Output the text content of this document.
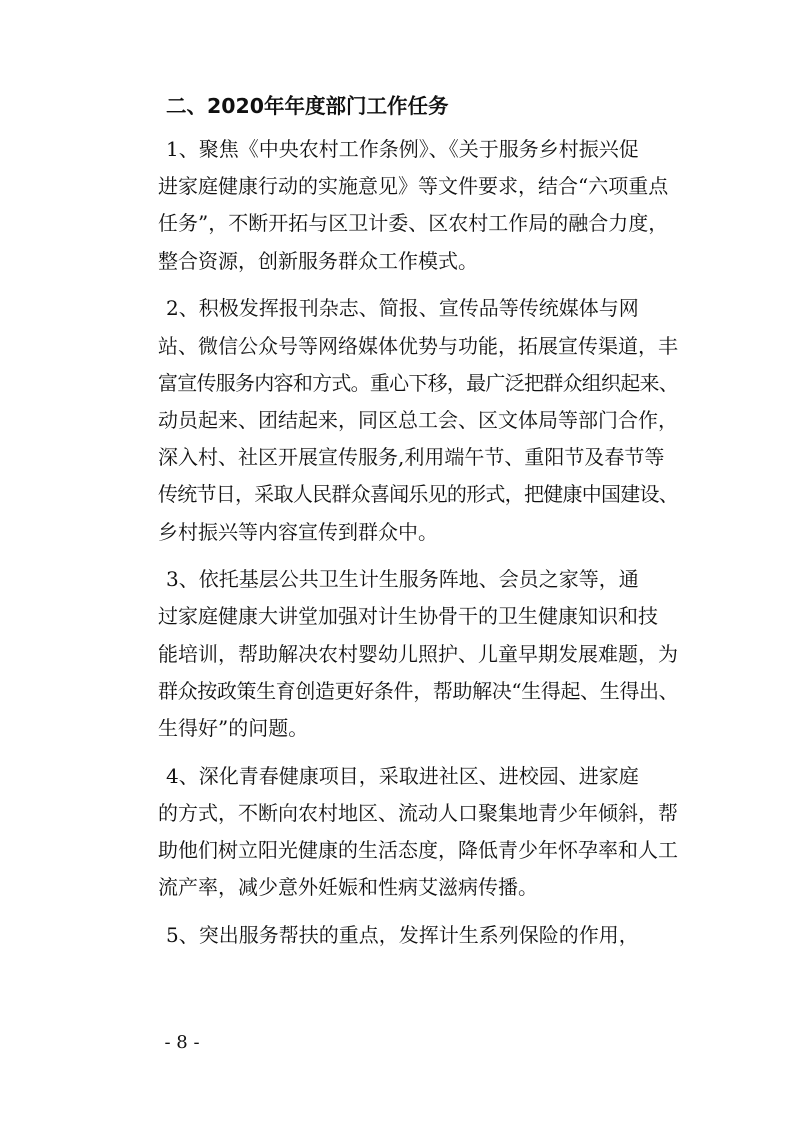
二、2020年年度部门工作任务
1、聚焦《中央农村工作条例》、《关于服务乡村振兴促
进家庭健康行动的实施意见》等文件要求，结合“六项重点
任务”，不断开拓与区卫计委、区农村工作局的融合力度，
整合资源，创新服务群众工作模式。
2、积极发挥报刊杂志、简报、宣传品等传统媒体与网
站、微信公众号等网络媒体优势与功能，拓展宣传渠道，丰
富宣传服务内容和方式。重心下移，最广泛把群众组织起来、
动员起来、团结起来，同区总工会、区文体局等部门合作，
深入村、社区开展宣传服务,利用端午节、重阳节及春节等
传统节日，采取人民群众喜闻乐见的形式，把健康中国建设、
乡村振兴等内容宣传到群众中。
3、依托基层公共卫生计生服务阵地、会员之家等，通
过家庭健康大讲堂加强对计生协骨干的卫生健康知识和技
能培训，帮助解决农村婴幼儿照护、儿童早期发展难题，为
群众按政策生育创造更好条件，帮助解决“生得起、生得出、
生得好”的问题。
4、深化青春健康项目，采取进社区、进校园、进家庭
的方式，不断向农村地区、流动人口聚集地青少年倾斜，帮
助他们树立阳光健康的生活态度，降低青少年怀孕率和人工
流产率，减少意外妊娠和性病艾滋病传播。
5、突出服务帮扶的重点，发挥计生系列保险的作用，
- 8 -
